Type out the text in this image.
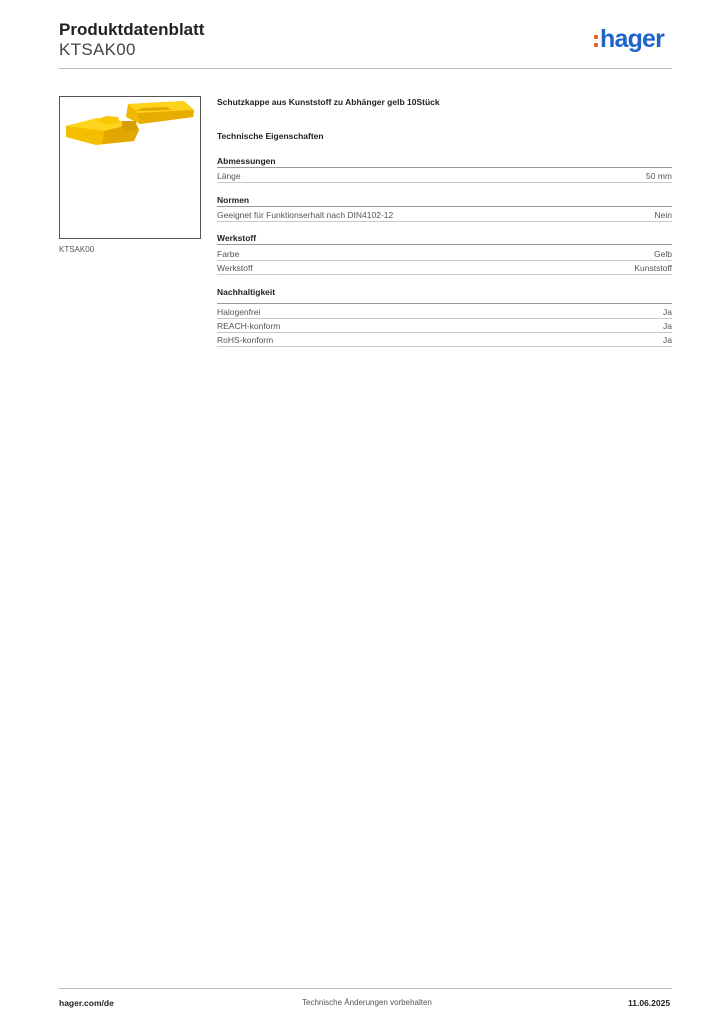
Produktdatenblatt
KTSAK00	hager
KTSAK00
Schutzkappe aus Kunststoff zu Abhänger gelb 10Stück
Technische Eigenschaften
Abmessungen
Länge	50 mm
Normen
Geeignet für Funktionserhalt nach DIN4102-12	Nein
Werkstoff
Farbe	Gelb
Werkstoff	Kunststoff
Nachhaltigkeit
Halogenfrei	Ja
REACH-konform	Ja
RoHS-konform	Ja
hager.com/de	Technische Änderungen vorbehalten	11.06.2025
